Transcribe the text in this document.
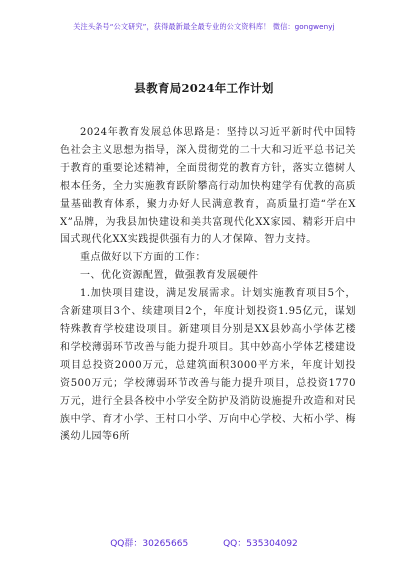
关注头条号“公文研究”，获得最新最全最专业的公文资料库！ 微信：gongwenyj
县教育局2024年工作计划

2024年教育发展总体思路是：坚持以习近平新时代中国特色社会主义思想为指导，深入贯彻党的二十大和习近平总书记关于教育的重要论述精神，全面贯彻党的教育方针，落实立德树人根本任务，全力实施教育跃阶攀高行动加快构建学有优教的高质量基础教育体系，聚力办好人民满意教育，高质量打造“学在XX”品牌，为我县加快建设和美共富现代化XX家园、精彩开启中国式现代化XX实践提供强有力的人才保障、智力支持。

重点做好以下方面的工作：

一、优化资源配置，做强教育发展硬件

1.加快项目建设，满足发展需求。计划实施教育项目5个，含新建项目3个、续建项目2个，年度计划投资1.95亿元，谋划特殊教育学校建设项目。新建项目分别是XX县妙高小学体艺楼和学校薄弱环节改善与能力提升项目。其中妙高小学体艺楼建设项目总投资2000万元，总建筑面积3000平方米，年度计划投资500万元；学校薄弱环节改善与能力提升项目，总投资1770万元，进行全县各校中小学安全防护及消防设施提升改造和对民族中学、育才小学、王村口小学、万向中心学校、大柘小学、梅溪幼儿园等6所

QQ群：30265665	QQ：535304092
